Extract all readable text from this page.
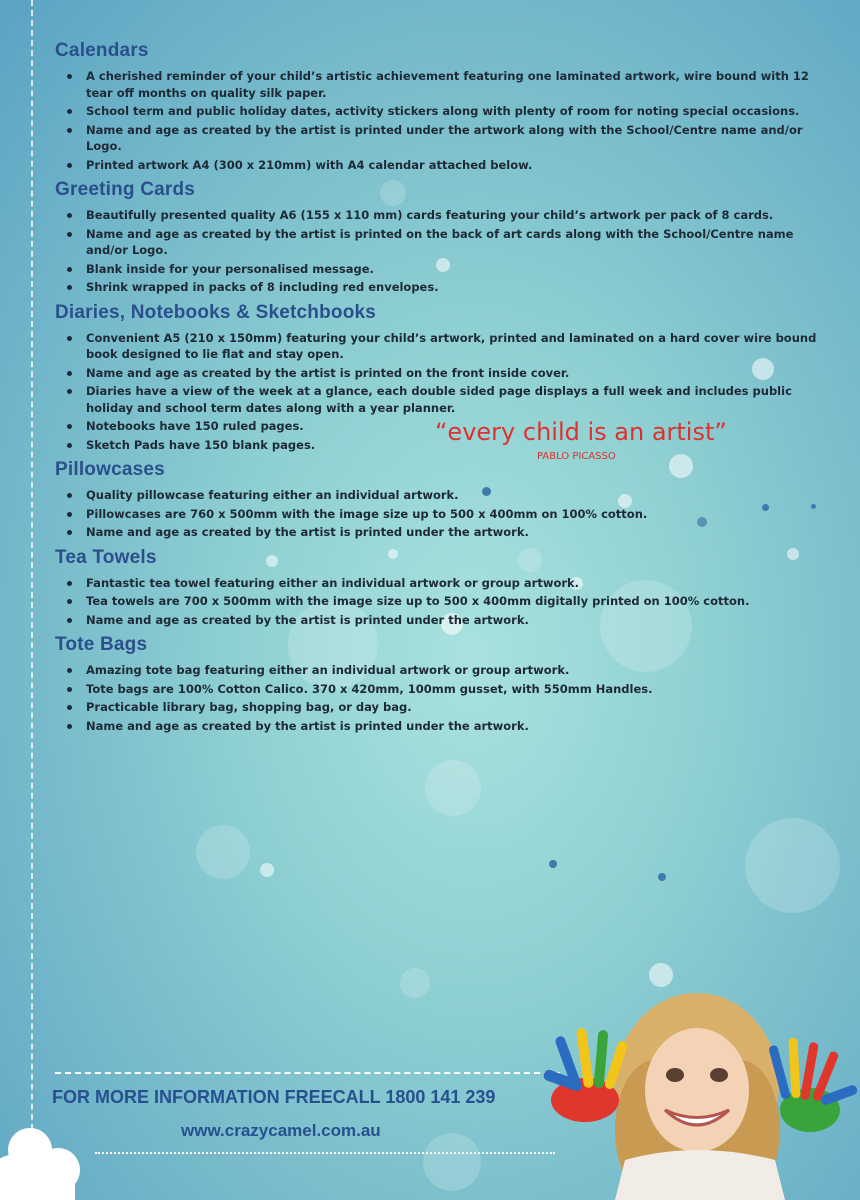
Calendars
A cherished reminder of your child’s artistic achievement featuring one laminated artwork, wire bound with 12 tear off months on quality silk paper.
School term and public holiday dates, activity stickers along with plenty of room for noting special occasions.
Name and age as created by the artist is printed under the artwork along with the School/Centre name and/or Logo.
Printed artwork A4 (300 x 210mm) with A4 calendar attached below.
Greeting Cards
Beautifully presented quality A6 (155 x 110 mm) cards featuring your child’s artwork per pack of 8 cards.
Name and age as created by the artist is printed on the back of art cards along with the School/Centre name and/or Logo.
Blank inside for your personalised message.
Shrink wrapped in packs of 8 including red envelopes.
Diaries, Notebooks & Sketchbooks
Convenient A5 (210 x 150mm) featuring your child’s artwork, printed and laminated on a hard cover wire bound book designed to lie flat and stay open.
Name and age as created by the artist is printed on the front inside cover.
Diaries have a view of the week at a glance, each double sided page displays a full week and includes public holiday and school term dates along with a year planner.
Notebooks have 150 ruled pages.
Sketch Pads have 150 blank pages.
Pillowcases
Quality pillowcase featuring either an individual artwork.
Pillowcases are 760 x 500mm with the image size up to 500 x 400mm on 100% cotton.
Name and age as created by the artist is printed under the artwork.
Tea Towels
Fantastic tea towel featuring either an individual artwork or group artwork.
Tea towels are 700 x 500mm with the image size up to 500 x 400mm digitally printed on 100% cotton.
Name and age as created by the artist is printed under the artwork.
Tote Bags
Amazing tote bag featuring either an individual artwork or group artwork.
Tote bags are 100% Cotton Calico. 370 x 420mm, 100mm gusset, with 550mm Handles.
Practicable library bag, shopping bag, or day bag.
Name and age as created by the artist is printed under the artwork.
“every child is an artist”
PABLO PICASSO
FOR MORE INFORMATION FREECALL 1800 141 239
www.crazycamel.com.au
